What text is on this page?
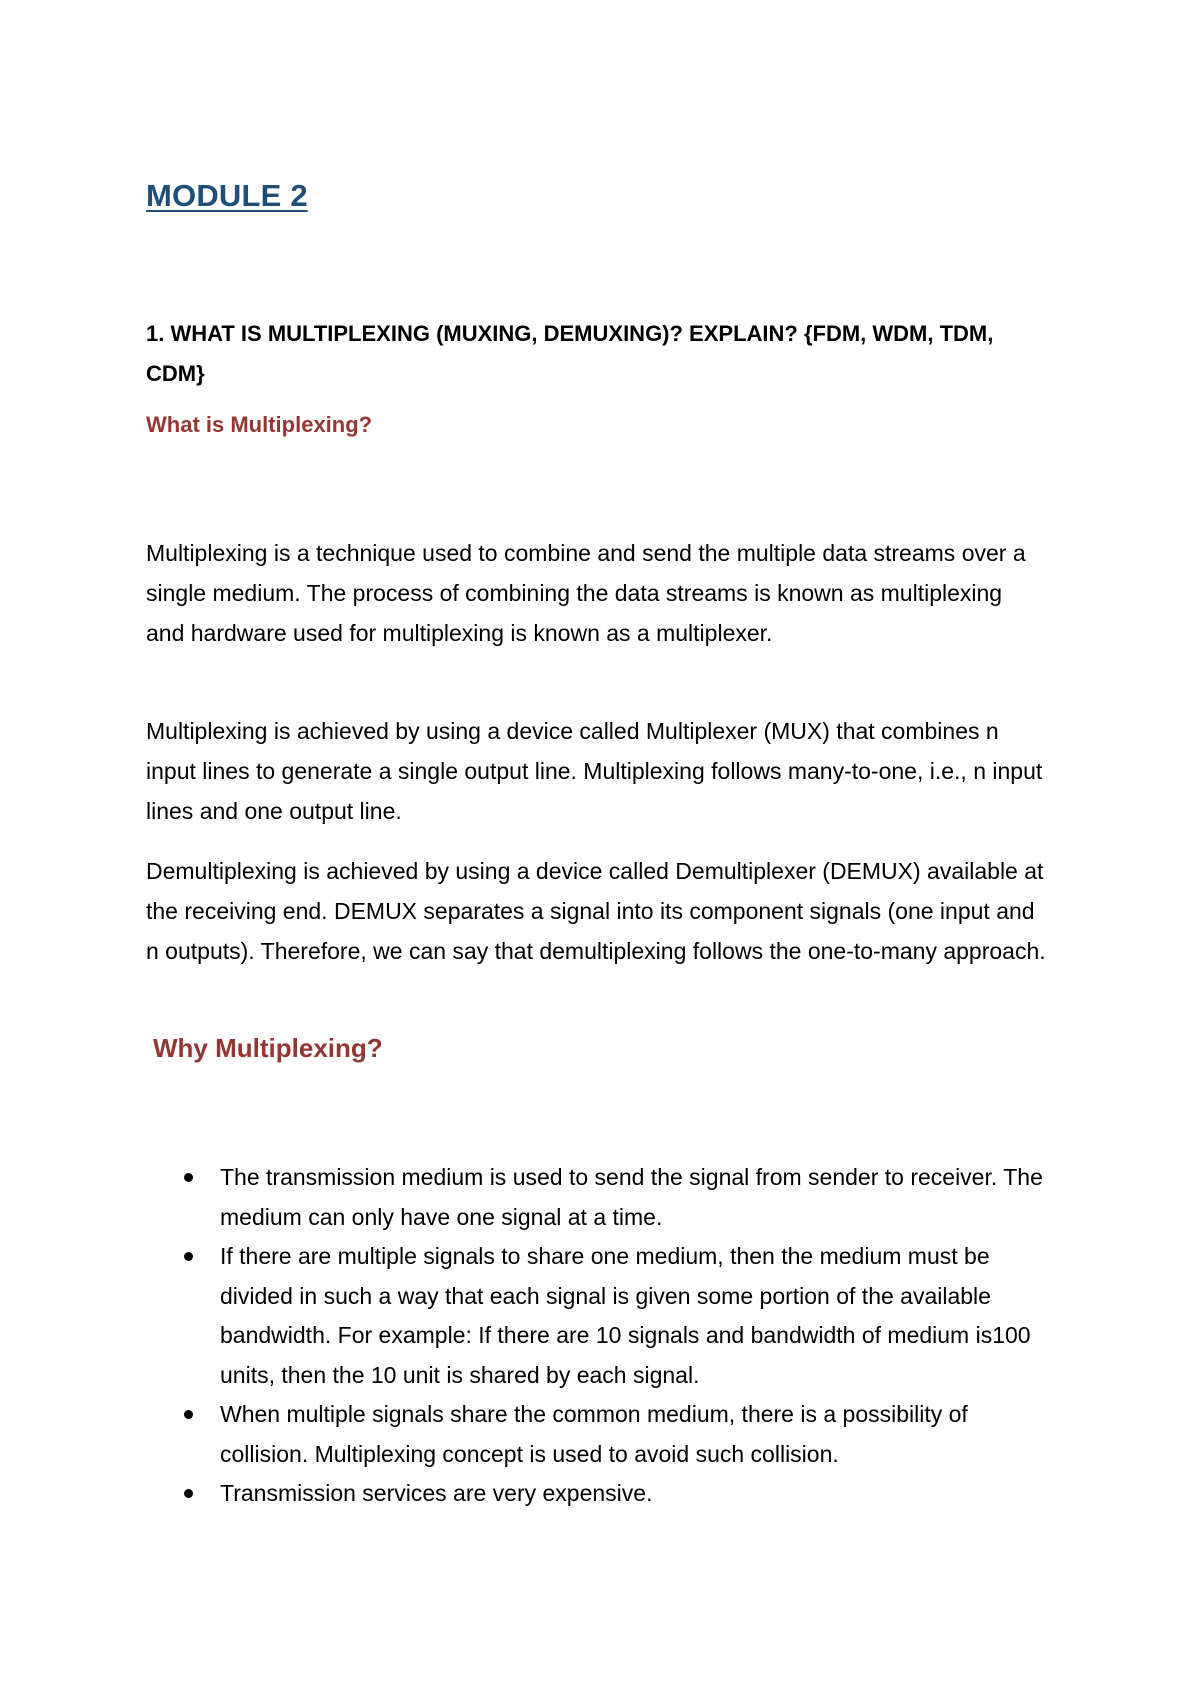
MODULE 2
1. WHAT IS MULTIPLEXING (MUXING, DEMUXING)? EXPLAIN? {FDM, WDM, TDM, CDM}
What is Multiplexing?

Multiplexing is a technique used to combine and send the multiple data streams over a single medium. The process of combining the data streams is known as multiplexing and hardware used for multiplexing is known as a multiplexer.

Multiplexing is achieved by using a device called Multiplexer (MUX) that combines n input lines to generate a single output line. Multiplexing follows many-to-one, i.e., n input lines and one output line.

Demultiplexing is achieved by using a device called Demultiplexer (DEMUX) available at the receiving end. DEMUX separates a signal into its component signals (one input and n outputs). Therefore, we can say that demultiplexing follows the one-to-many approach.

Why Multiplexing?
The transmission medium is used to send the signal from sender to receiver. The medium can only have one signal at a time.
If there are multiple signals to share one medium, then the medium must be divided in such a way that each signal is given some portion of the available bandwidth. For example: If there are 10 signals and bandwidth of medium is100 units, then the 10 unit is shared by each signal.
When multiple signals share the common medium, there is a possibility of collision. Multiplexing concept is used to avoid such collision.
Transmission services are very expensive.
